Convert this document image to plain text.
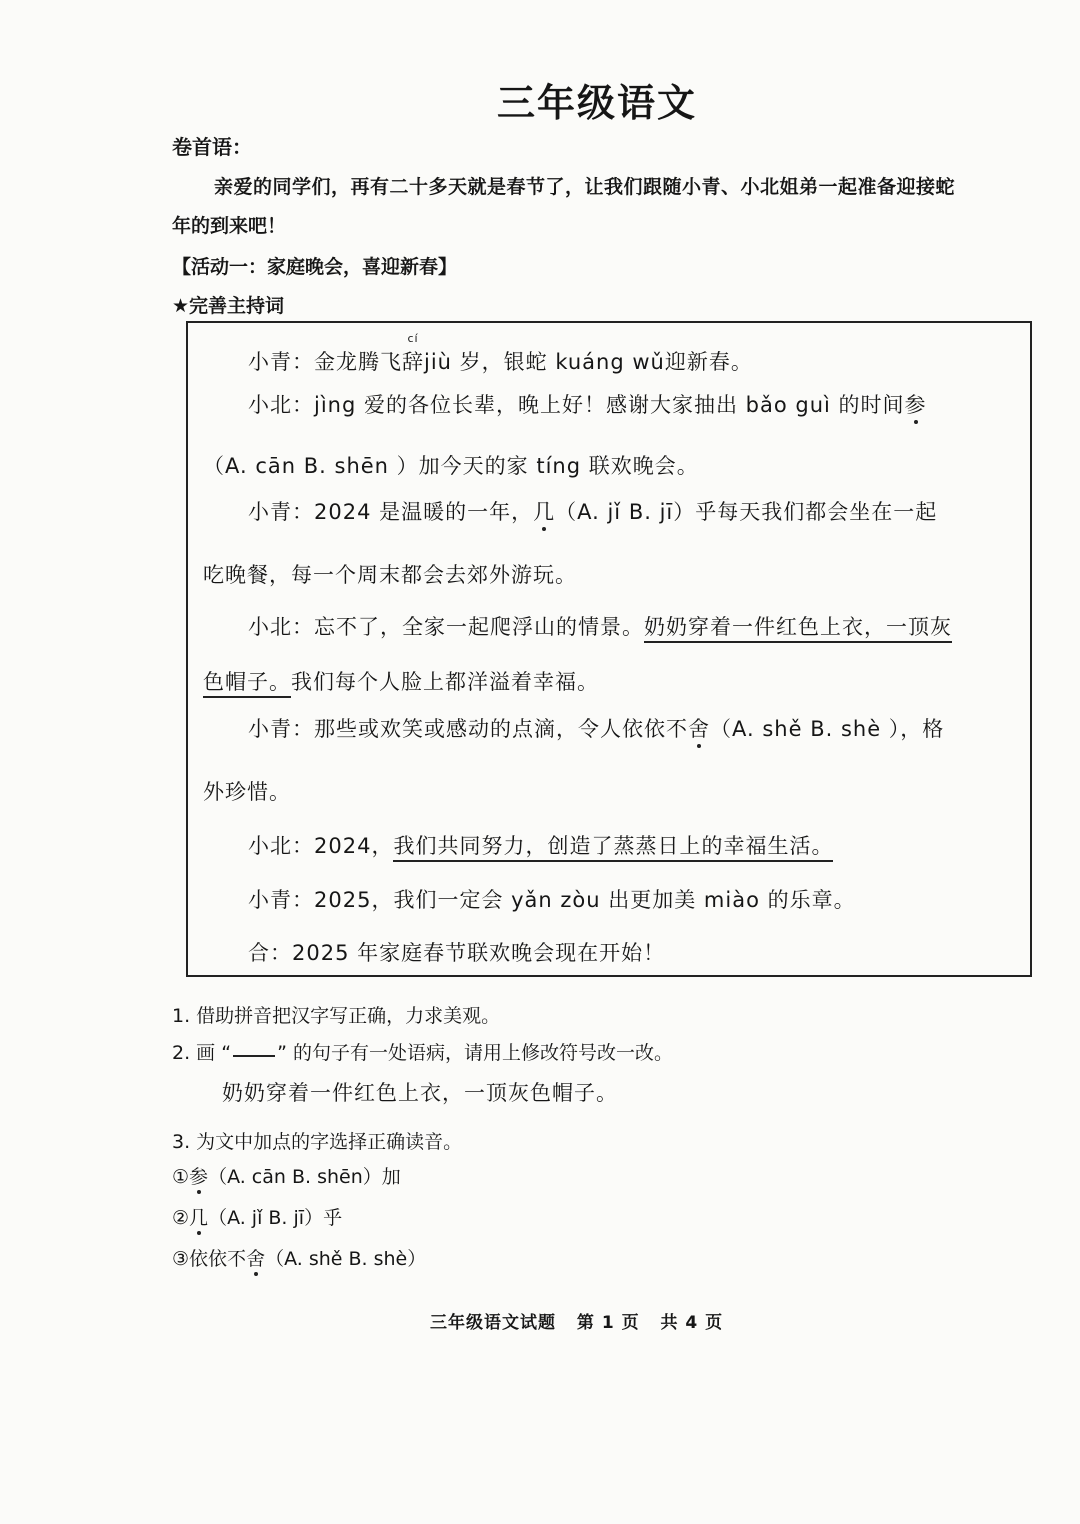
三年级语文
卷首语：
亲爱的同学们，再有二十多天就是春节了，让我们跟随小青、小北姐弟一起准备迎接蛇
年的到来吧！
【活动一：家庭晚会，喜迎新春】
★完善主持词
小青：金龙腾飞
cí
辞jiù 岁，银蛇 kuáng wǔ迎新春。
小北：jìng 爱的各位长辈，晚上好！感谢大家抽出 bǎo guì 的时间参
（A. cān B. shēn ）加今天的家 tíng 联欢晚会。
小青：2024 是温暖的一年，几（A. jǐ B. jī）乎每天我们都会坐在一起
吃晚餐，每一个周末都会去郊外游玩。
小北：忘不了，全家一起爬浮山的情景。奶奶穿着一件红色上衣，一顶灰
色帽子。我们每个人脸上都洋溢着幸福。
小青：那些或欢笑或感动的点滴，令人依依不舍（A. shě B. shè ），格
外珍惜。
小北：2024，我们共同努力，创造了蒸蒸日上的幸福生活。
小青：2025，我们一定会 yǎn zòu 出更加美 miào 的乐章。
合：2025 年家庭春节联欢晚会现在开始！
1. 借助拼音把汉字写正确，力求美观。
2. 画 “ ” 的句子有一处语病，请用上修改符号改一改。
奶奶穿着一件红色上衣，一顶灰色帽子。
3. 为文中加点的字选择正确读音。
①参（A. cān B. shēn）加
②几（A. jǐ B. jī）乎
③依依不舍（A. shě B. shè）
三年级语文试题 第 1 页 共 4 页
